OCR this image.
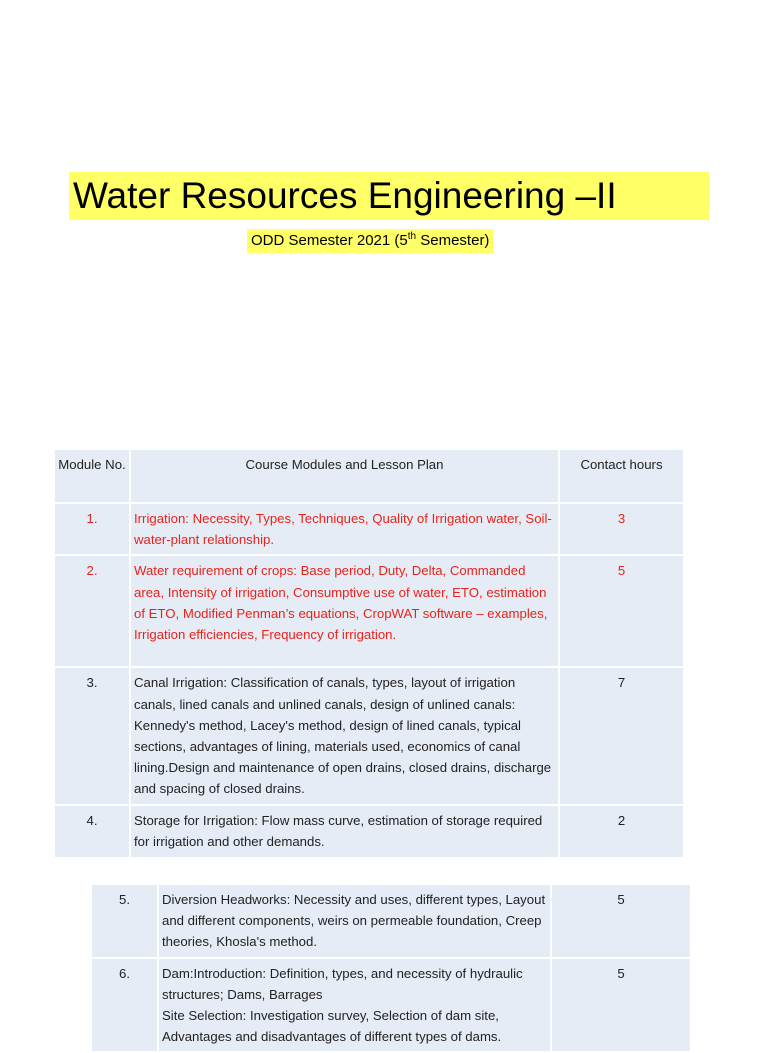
Water Resources Engineering –II
ODD Semester 2021 (5th Semester)
Module No.	Course Modules and Lesson Plan	Contact hours
1.	Irrigation: Necessity, Types, Techniques, Quality of Irrigation water, Soil-water-plant relationship.	3
2.	Water requirement of crops: Base period, Duty, Delta, Commanded area, Intensity of irrigation, Consumptive use of water, ETO, estimation of ETO, Modified Penman’s equations, CropWAT software – examples, Irrigation efficiencies, Frequency of irrigation.	5
3.	Canal Irrigation: Classification of canals, types, layout of irrigation canals, lined canals and unlined canals, design of unlined canals: Kennedy's method, Lacey's method, design of lined canals, typical sections, advantages of lining, materials used, economics of canal lining.Design and maintenance of open drains, closed drains, discharge and spacing of closed drains.	7
4.	Storage for Irrigation: Flow mass curve, estimation of storage required for irrigation and other demands.	2
5.	Diversion Headworks: Necessity and uses, different types, Layout and different components, weirs on permeable foundation, Creep theories, Khosla's method.	5
6.	Dam:Introduction: Definition, types, and necessity of hydraulic structures; Dams, Barrages
Site Selection: Investigation survey, Selection of dam site, Advantages and disadvantages of different types of dams.	5
